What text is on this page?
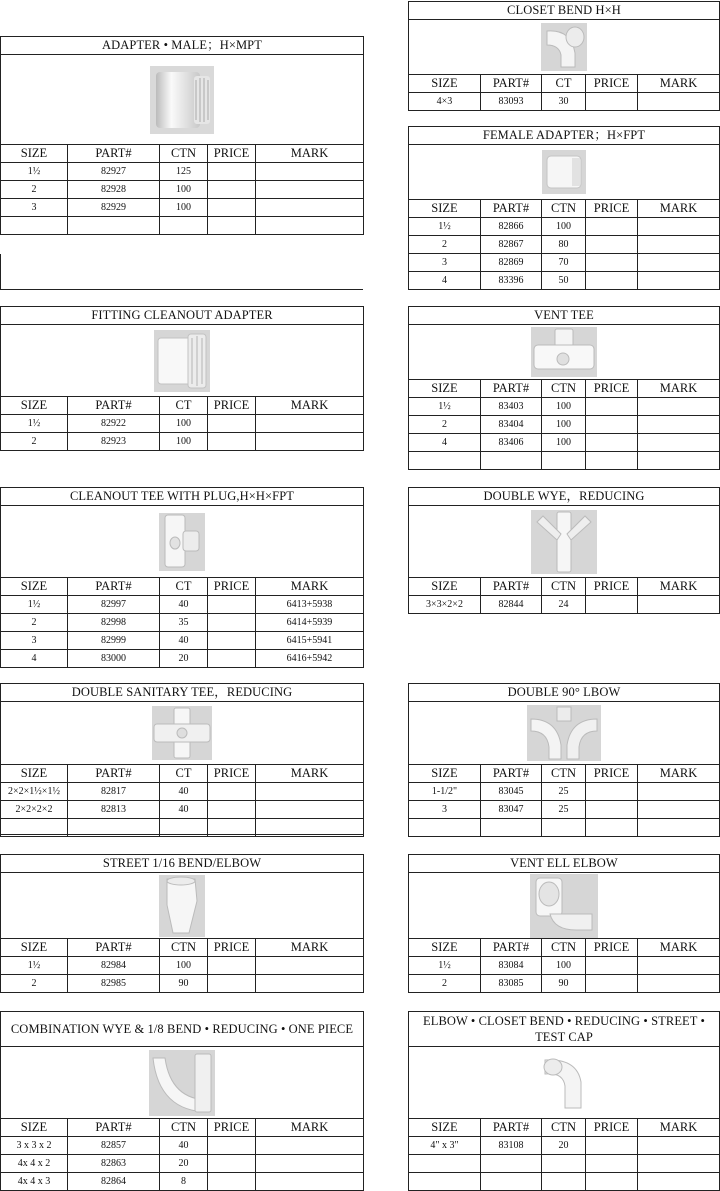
ADAPTER • MALE；H×MPT
SIZE	PART#	CTN	PRICE	MARK
1½	82927	125		
2	82928	100		
3	82929	100		

CLOSET BEND H×H
SIZE	PART#	CT	PRICE	MARK
4×3	83093	30		
FEMALE ADAPTER；H×FPT
SIZE	PART#	CTN	PRICE	MARK
1½	82866	100		
2	82867	80		
3	82869	70		
4	83396	50		
FITTING CLEANOUT ADAPTER
SIZE	PART#	CT	PRICE	MARK
1½	82922	100		
2	82923	100		
VENT TEE
SIZE	PART#	CTN	PRICE	MARK
1½	83403	100		
2	83404	100		
4	83406	100		

CLEANOUT TEE WITH PLUG,H×H×FPT
SIZE	PART#	CT	PRICE	MARK
1½	82997	40		6413+5938
2	82998	35		6414+5939
3	82999	40		6415+5941
4	83000	20		6416+5942
DOUBLE WYE，REDUCING
SIZE	PART#	CTN	PRICE	MARK
3×3×2×2	82844	24		
DOUBLE SANITARY TEE，REDUCING
SIZE	PART#	CT	PRICE	MARK
2×2×1½×1½	82817	40		
2×2×2×2	82813	40		

DOUBLE 90° LBOW
SIZE	PART#	CTN	PRICE	MARK
1-1/2"	83045	25		
3	83047	25		

STREET 1/16 BEND/ELBOW
SIZE	PART#	CTN	PRICE	MARK
1½	82984	100		
2	82985	90		
VENT ELL ELBOW
SIZE	PART#	CTN	PRICE	MARK
1½	83084	100		
2	83085	90		
COMBINATION WYE & 1/8 BEND • REDUCING • ONE PIECE
SIZE	PART#	CTN	PRICE	MARK
3 x 3 x 2	82857	40		
4x 4 x 2	82863	20		
4x 4 x 3	82864	8		
ELBOW • CLOSET BEND • REDUCING • STREET • TEST CAP
SIZE	PART#	CTN	PRICE	MARK
4" x 3"	83108	20		
